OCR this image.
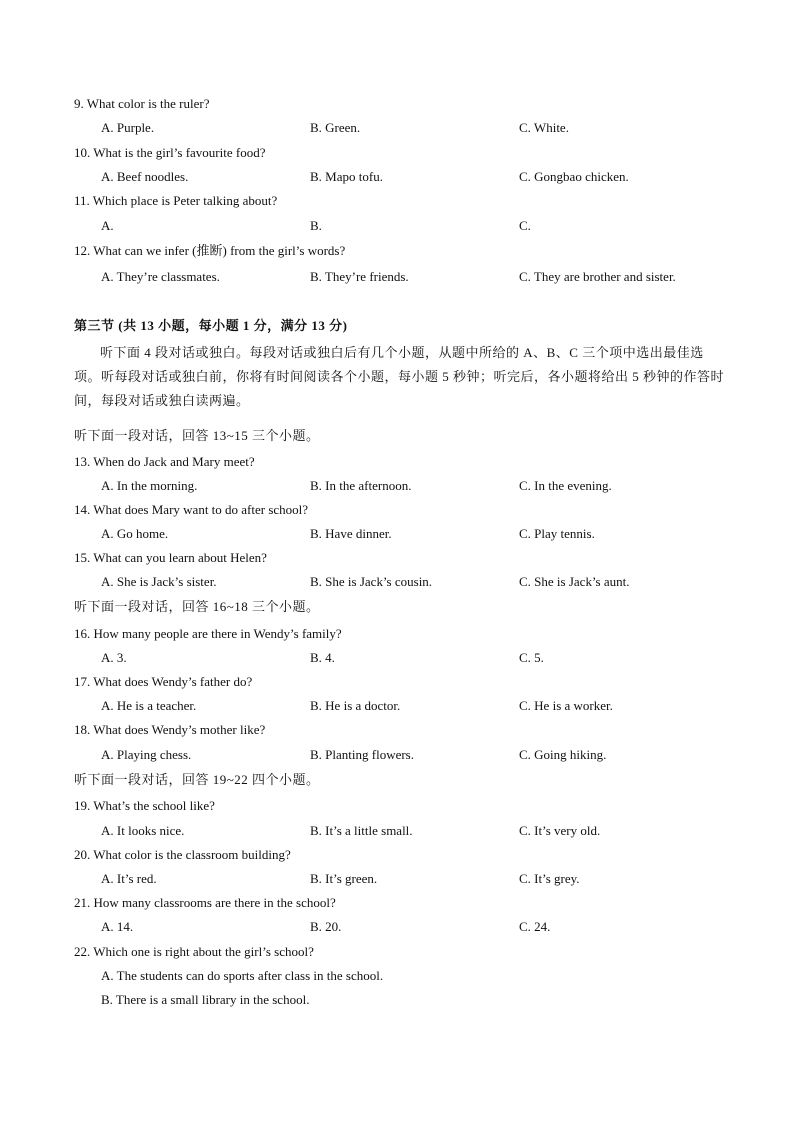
9. What color is the ruler?
A. Purple.	B. Green.	C. White.
10. What is the girl’s favourite food?
A. Beef noodles.	B. Mapo tofu.	C. Gongbao chicken.
11. Which place is Peter talking about?
A.	B.	C.
12. What can we infer (推断) from the girl’s words?
A. They’re classmates.	B. They’re friends.	C. They are brother and sister.
第三节 (共 13 小题，每小题 1 分，满分 13 分)
听下面 4 段对话或独白。每段对话或独白后有几个小题，从题中所给的 A、B、C 三个项中选出最佳选项。听每段对话或独白前，你将有时间阅读各个小题，每小题 5 秒钟；听完后，各小题将给出 5 秒钟的作答时间，每段对话或独白读两遍。
听下面一段对话，回答 13~15 三个小题。
13. When do Jack and Mary meet?
A. In the morning.	B. In the afternoon.	C. In the evening.
14. What does Mary want to do after school?
A. Go home.	B. Have dinner.	C. Play tennis.
15. What can you learn about Helen?
A. She is Jack’s sister.	B. She is Jack’s cousin.	C. She is Jack’s aunt.
听下面一段对话，回答 16~18 三个小题。
16. How many people are there in Wendy’s family?
A. 3.	B. 4.	C. 5.
17. What does Wendy’s father do?
A. He is a teacher.	B. He is a doctor.	C. He is a worker.
18. What does Wendy’s mother like?
A. Playing chess.	B. Planting flowers.	C. Going hiking.
听下面一段对话，回答 19~22 四个小题。
19. What’s the school like?
A. It looks nice.	B. It’s a little small.	C. It’s very old.
20. What color is the classroom building?
A. It’s red.	B. It’s green.	C. It’s grey.
21. How many classrooms are there in the school?
A. 14.	B. 20.	C. 24.
22. Which one is right about the girl’s school?
A. The students can do sports after class in the school.
B. There is a small library in the school.
